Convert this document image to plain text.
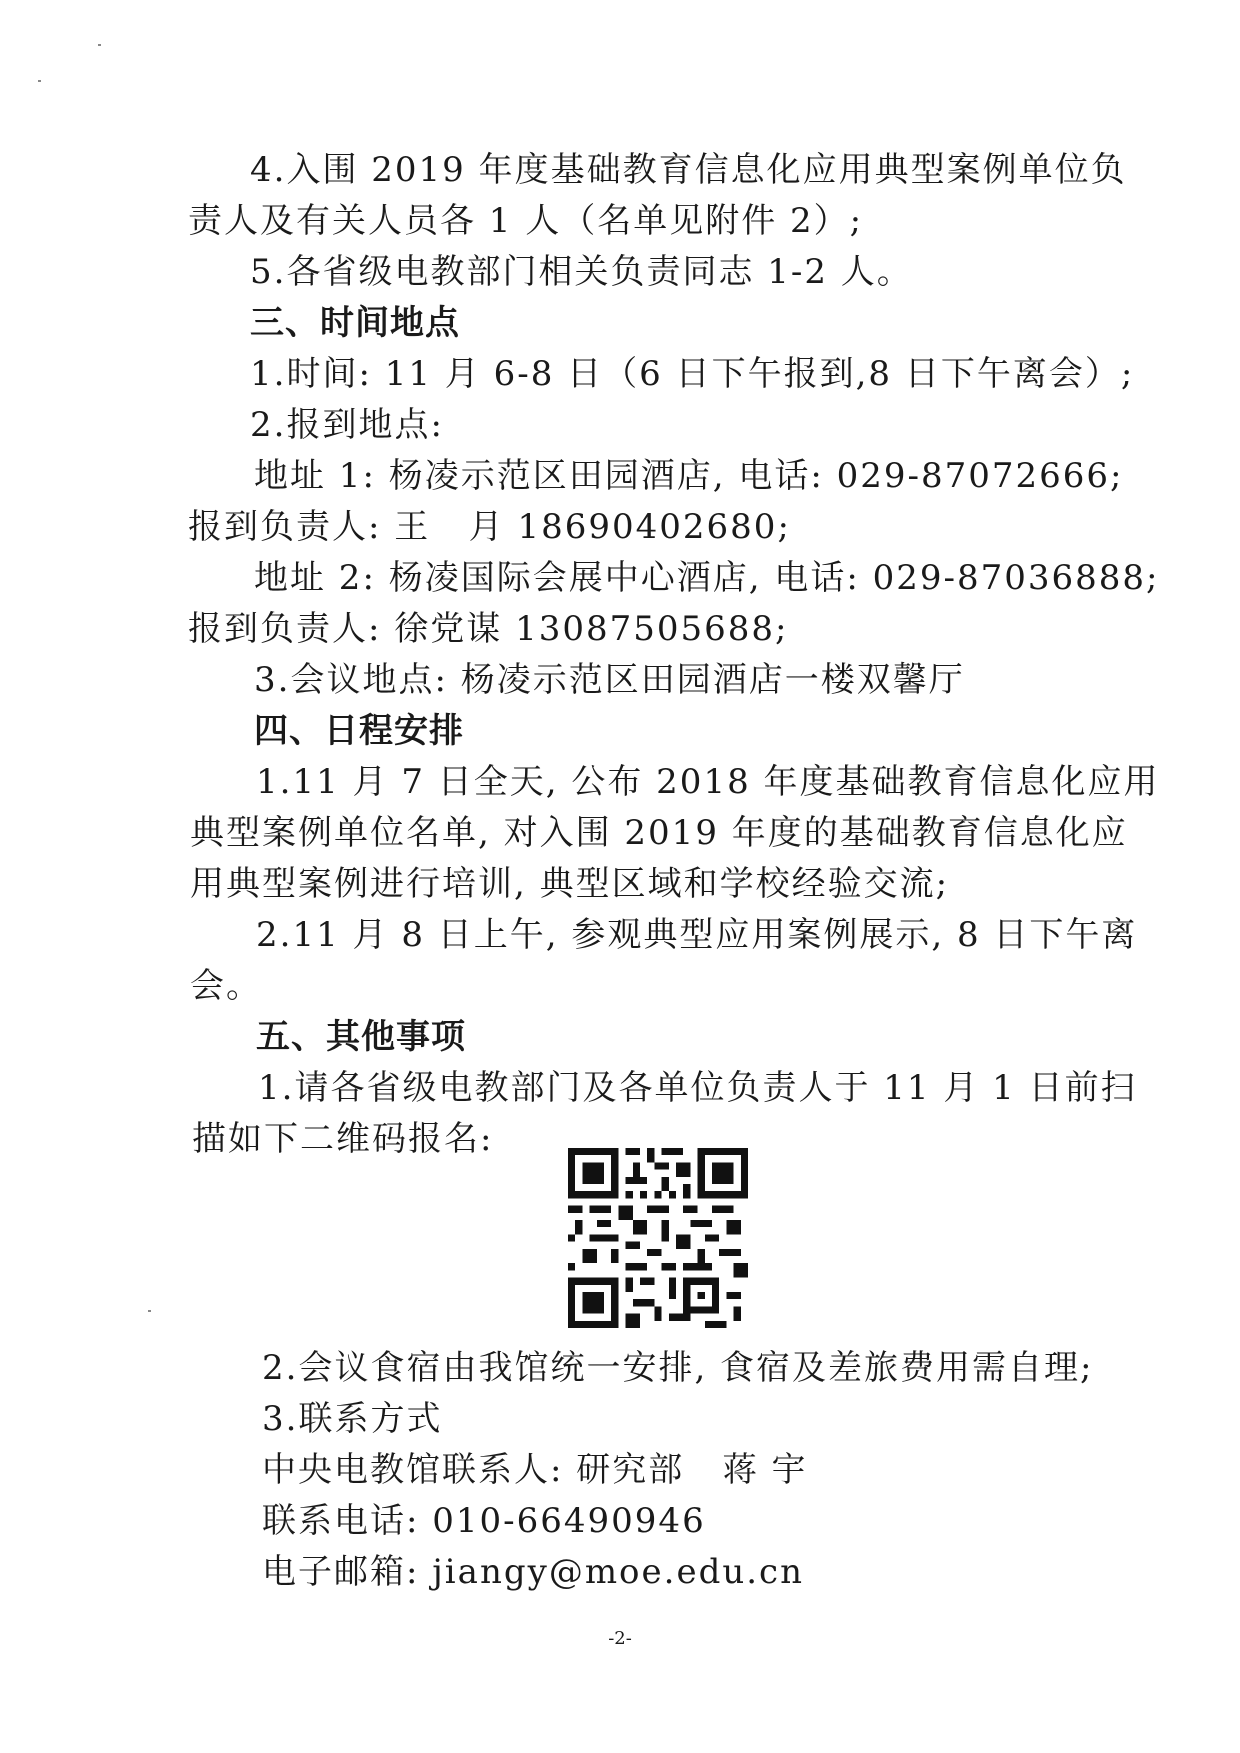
4.入围 2019 年度基础教育信息化应用典型案例单位负
责人及有关人员各 1 人（名单见附件 2）;
5.各省级电教部门相关负责同志 1-2 人。
三、时间地点
1.时间: 11 月 6-8 日（6 日下午报到,8 日下午离会）;
2.报到地点:
地址 1: 杨凌示范区田园酒店, 电话: 029-87072666;
报到负责人: 王   月 18690402680;
地址 2: 杨凌国际会展中心酒店, 电话: 029-87036888;
报到负责人: 徐党谋 13087505688;
3.会议地点: 杨凌示范区田园酒店一楼双馨厅
四、日程安排
1.11 月 7 日全天, 公布 2018 年度基础教育信息化应用
典型案例单位名单, 对入围 2019 年度的基础教育信息化应
用典型案例进行培训, 典型区域和学校经验交流;
2.11 月 8 日上午, 参观典型应用案例展示, 8 日下午离
会。
五、其他事项
1.请各省级电教部门及各单位负责人于 11 月 1 日前扫
描如下二维码报名:
2.会议食宿由我馆统一安排, 食宿及差旅费用需自理;
3.联系方式
中央电教馆联系人: 研究部   蒋 宇
联系电话: 010-66490946
电子邮箱: jiangy@moe.edu.cn
-2-
